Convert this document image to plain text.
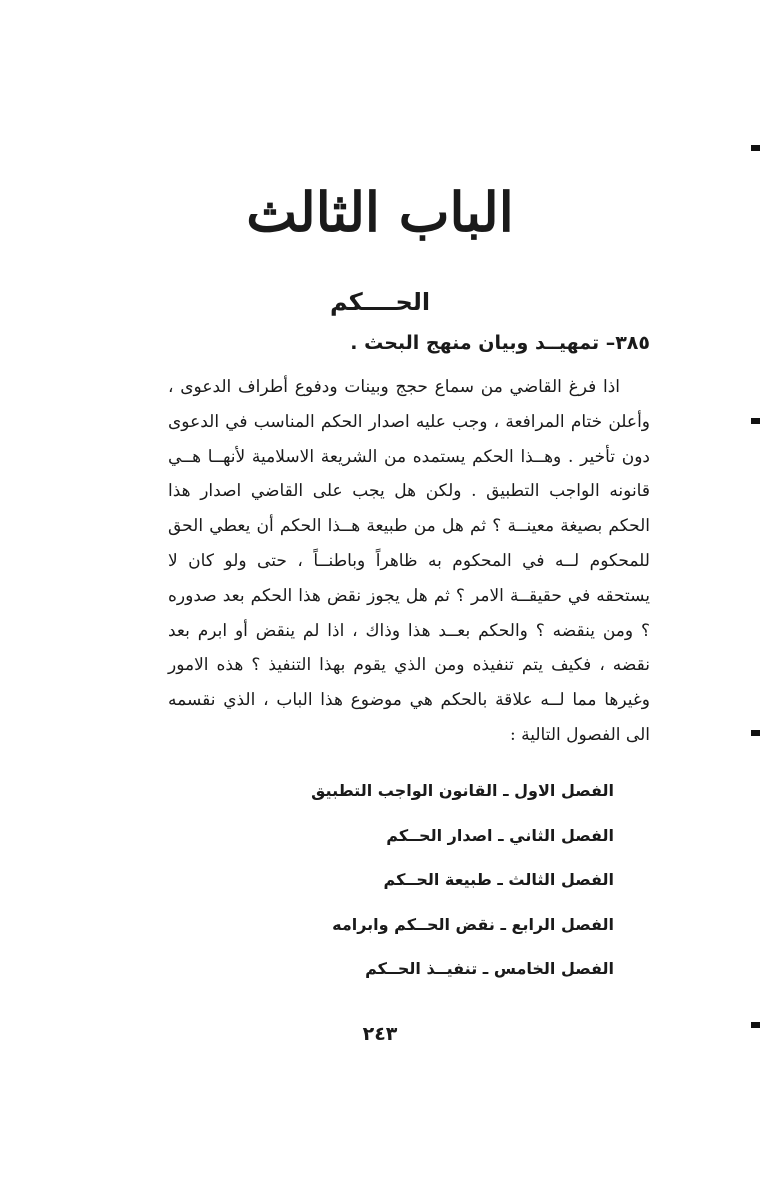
الباب الثالث
الحــــكم
٣٨٥– تمهيــد وبيان منهج البحث .
اذا فرغ القاضي من سماع حجج وبينات ودفوع أطراف الدعوى ، وأعلن ختام المرافعة ، وجب عليه اصدار الحكم المناسب في الدعوى دون تأخير . وهــذا الحكم يستمده من الشريعة الاسلامية لأنهــا هــي قانونه الواجب التطبيق . ولكن هل يجب على القاضي اصدار هذا الحكم بصيغة معينــة ؟ ثم هل من طبيعة هــذا الحكم أن يعطي الحق للمحكوم لــه في المحكوم به ظاهراً وباطنــاً ، حتى ولو كان لا يستحقه في حقيقــة الامر ؟ ثم هل يجوز نقض هذا الحكم بعد صدوره ؟ ومن ينقضه ؟ والحكم بعــد هذا وذاك ، اذا لم ينقض أو ابرم بعد نقضه ، فكيف يتم تنفيذه ومن الذي يقوم بهذا التنفيذ ؟ هذه الامور وغيرها مما لــه علاقة بالحكم هي موضوع هذا الباب ، الذي نقسمه الى الفصول التالية :
الفصل الاول ـ القانون الواجب التطبيق
الفصل الثاني ـ اصدار الحــكم
الفصل الثالث ـ طبيعة الحــكم
الفصل الرابع ـ نقض الحــكم وابرامه
الفصل الخامس ـ تنفيــذ الحــكم
٢٤٣
